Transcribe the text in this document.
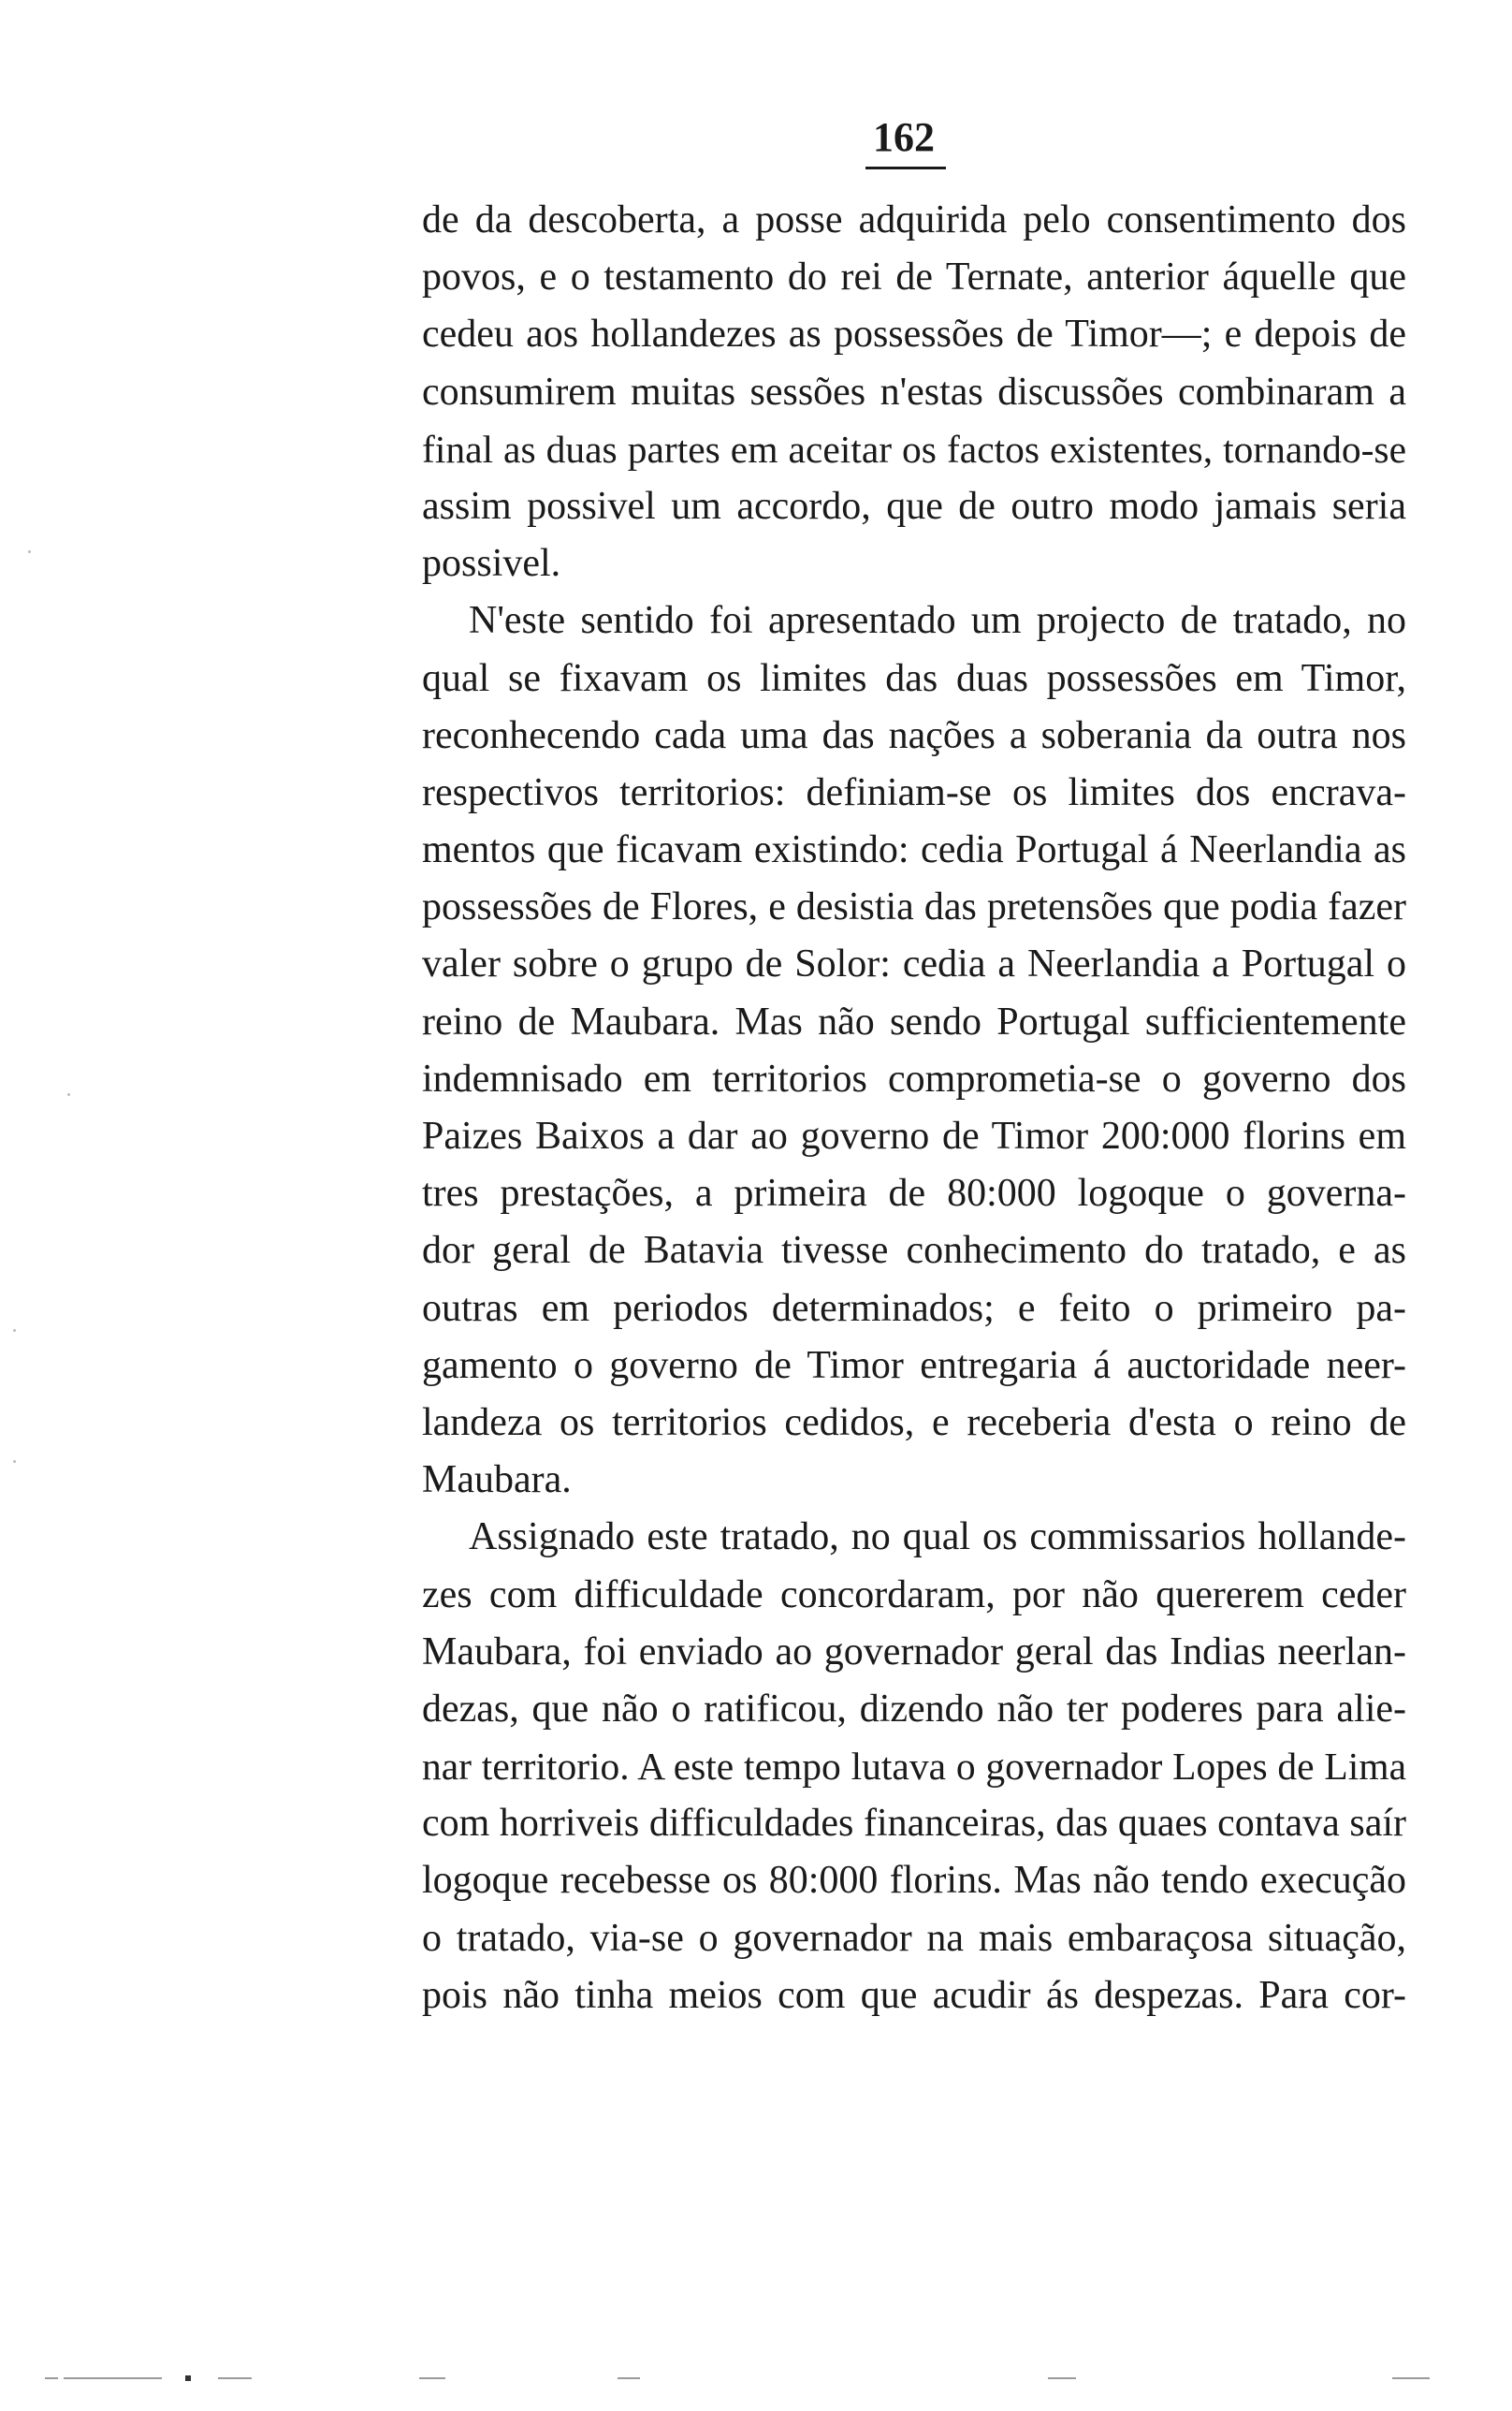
162
de da descoberta, a posse adquirida pelo consentimento dos
povos, e o testamento do rei de Ternate, anterior áquelle que
cedeu aos hollandezes as possessões de Timor—; e depois de
consumirem muitas sessões n'estas discussões combinaram a
final as duas partes em aceitar os factos existentes, tornando-se
assim possivel um accordo, que de outro modo jamais seria
possivel.
N'este sentido foi apresentado um projecto de tratado, no
qual se fixavam os limites das duas possessões em Timor,
reconhecendo cada uma das nações a soberania da outra nos
respectivos territorios: definiam-se os limites dos encrava-
mentos que ficavam existindo: cedia Portugal á Neerlandia as
possessões de Flores, e desistia das pretensões que podia fazer
valer sobre o grupo de Solor: cedia a Neerlandia a Portugal o
reino de Maubara. Mas não sendo Portugal sufficientemente
indemnisado em territorios comprometia-se o governo dos
Paizes Baixos a dar ao governo de Timor 200:000 florins em
tres prestações, a primeira de 80:000 logoque o governa-
dor geral de Batavia tivesse conhecimento do tratado, e as
outras em periodos determinados; e feito o primeiro pa-
gamento o governo de Timor entregaria á auctoridade neer-
landeza os territorios cedidos, e receberia d'esta o reino de
Maubara.
Assignado este tratado, no qual os commissarios hollande-
zes com difficuldade concordaram, por não quererem ceder
Maubara, foi enviado ao governador geral das Indias neerlan-
dezas, que não o ratificou, dizendo não ter poderes para alie-
nar territorio. A este tempo lutava o governador Lopes de Lima
com horriveis difficuldades financeiras, das quaes contava saír
logoque recebesse os 80:000 florins. Mas não tendo execução
o tratado, via-se o governador na mais embaraçosa situação,
pois não tinha meios com que acudir ás despezas. Para cor-
